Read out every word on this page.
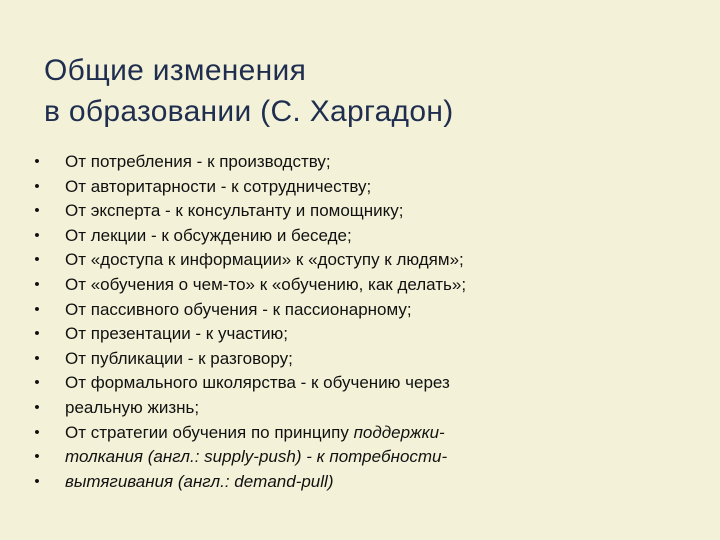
Общие изменения
в образовании (С. Харгадон)
• От потребления - к производству;
• От авторитарности - к сотрудничеству;
• От эксперта - к консультанту и помощнику;
• От лекции - к обсуждению и беседе;
• От «доступа к информации» к «доступу к людям»;
• От «обучения о чем-то» к «обучению, как делать»;
• От пассивного обучения - к пассионарному;
• От презентации - к участию;
• От публикации - к разговору;
• От формального школярства - к обучению через
• реальную жизнь;
• От стратегии обучения по принципу поддержки-
• толкания (англ.: supply-push) - к потребности-
• вытягивания (англ.: demand-pull)
